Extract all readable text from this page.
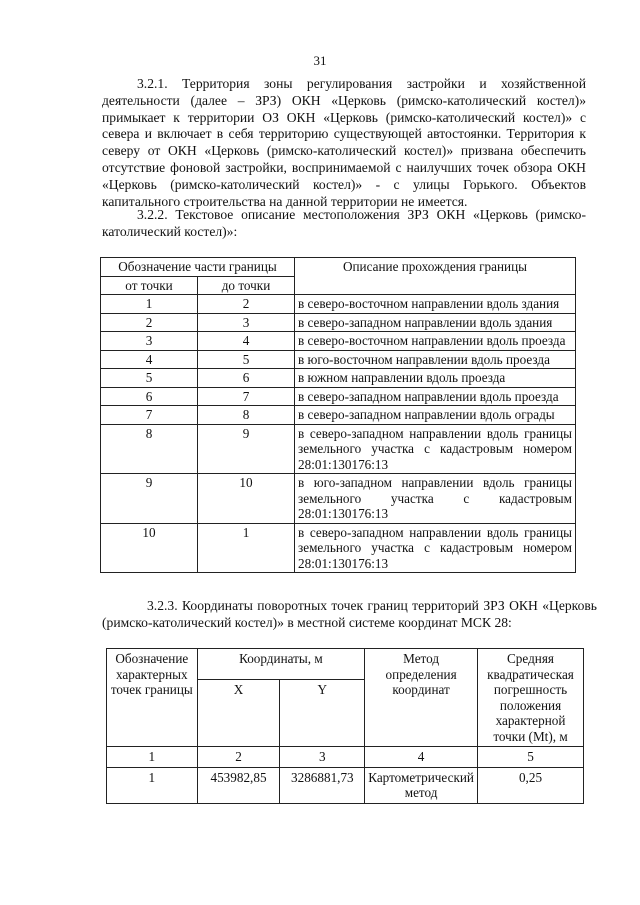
31

3.2.1. Территория зоны регулирования застройки и хозяйственной деятельности (далее – ЗРЗ) ОКН «Церковь (римско-католический костел)» примыкает к территории ОЗ ОКН «Церковь (римско-католический костел)» с севера и включает в себя территорию существующей автостоянки. Территория к северу от ОКН «Церковь (римско-католический костел)» призвана обеспечить отсутствие фоновой застройки, воспринимаемой с наилучших точек обзора ОКН «Церковь (римско-католический костел)» - с улицы Горького. Объектов капитального строительства на данной территории не имеется.

3.2.2. Текстовое описание местоположения ЗРЗ ОКН «Церковь (римско-католический костел)»:

Обозначение части границы		Описание прохождения границы
от точки	до точки	
1	2	в северо-восточном направлении вдоль здания
2	3	в северо-западном направлении вдоль здания
3	4	в северо-восточном направлении вдоль проезда
4	5	в юго-восточном направлении вдоль проезда
5	6	в южном направлении вдоль проезда
6	7	в северо-западном направлении вдоль проезда
7	8	в северо-западном направлении вдоль ограды
8	9	в северо-западном направлении вдоль границы земельного участка с кадастровым номером 28:01:130176:13
9	10	в юго-западном направлении вдоль границы земельного участка с кадастровым 28:01:130176:13
10	1	в северо-западном направлении вдоль границы земельного участка с кадастровым номером 28:01:130176:13

3.2.3. Координаты поворотных точек границ территорий ЗРЗ ОКН «Церковь (римско-католический костел)» в местной системе координат МСК 28:

Обозначение характерных точек границы	Координаты, м		Метод определения координат	Средняя квадратическая погрешность положения характерной точки (Mt), м
	X	Y		
1	2	3	4	5
1	453982,85	3286881,73	Картометрический метод	0,25
